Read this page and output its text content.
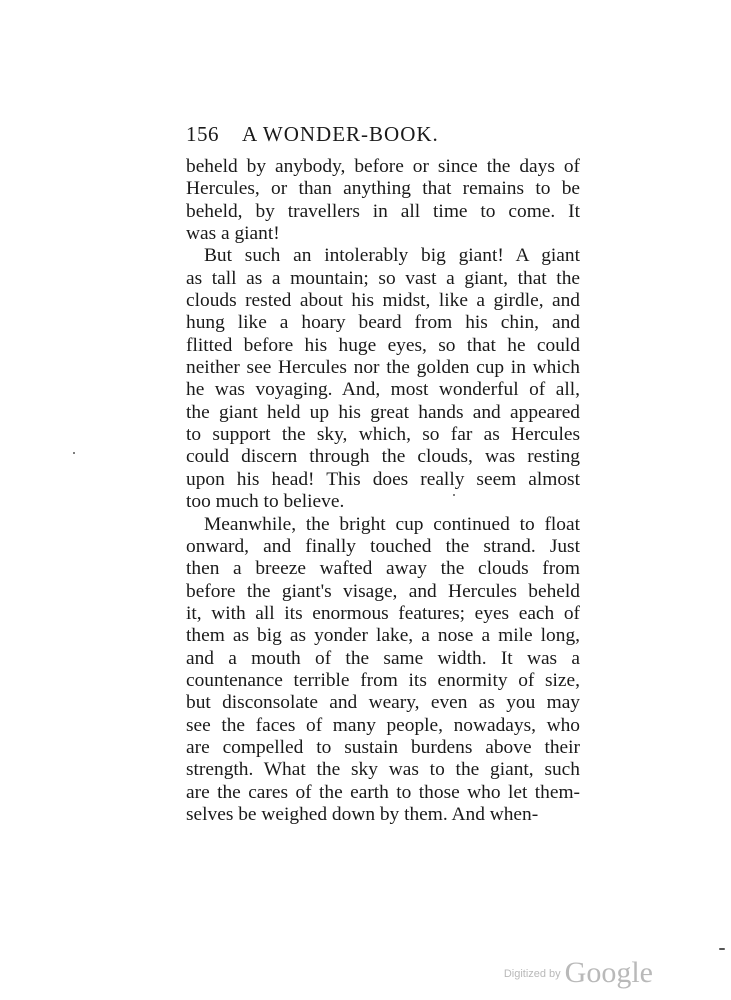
156 A WONDER-BOOK.
beheld by anybody, before or since the days of
Hercules, or than anything that remains to be
beheld, by travellers in all time to come. It
was a giant!
But such an intolerably big giant! A giant
as tall as a mountain; so vast a giant, that the
clouds rested about his midst, like a girdle, and
hung like a hoary beard from his chin, and
flitted before his huge eyes, so that he could
neither see Hercules nor the golden cup in which
he was voyaging. And, most wonderful of all,
the giant held up his great hands and appeared
to support the sky, which, so far as Hercules
could discern through the clouds, was resting
upon his head! This does really seem almost
too much to believe.
Meanwhile, the bright cup continued to float
onward, and finally touched the strand. Just
then a breeze wafted away the clouds from
before the giant's visage, and Hercules beheld
it, with all its enormous features; eyes each of
them as big as yonder lake, a nose a mile long,
and a mouth of the same width. It was a
countenance terrible from its enormity of size,
but disconsolate and weary, even as you may
see the faces of many people, nowadays, who
are compelled to sustain burdens above their
strength. What the sky was to the giant, such
are the cares of the earth to those who let them-
selves be weighed down by them. And when-
Digitized by Google
